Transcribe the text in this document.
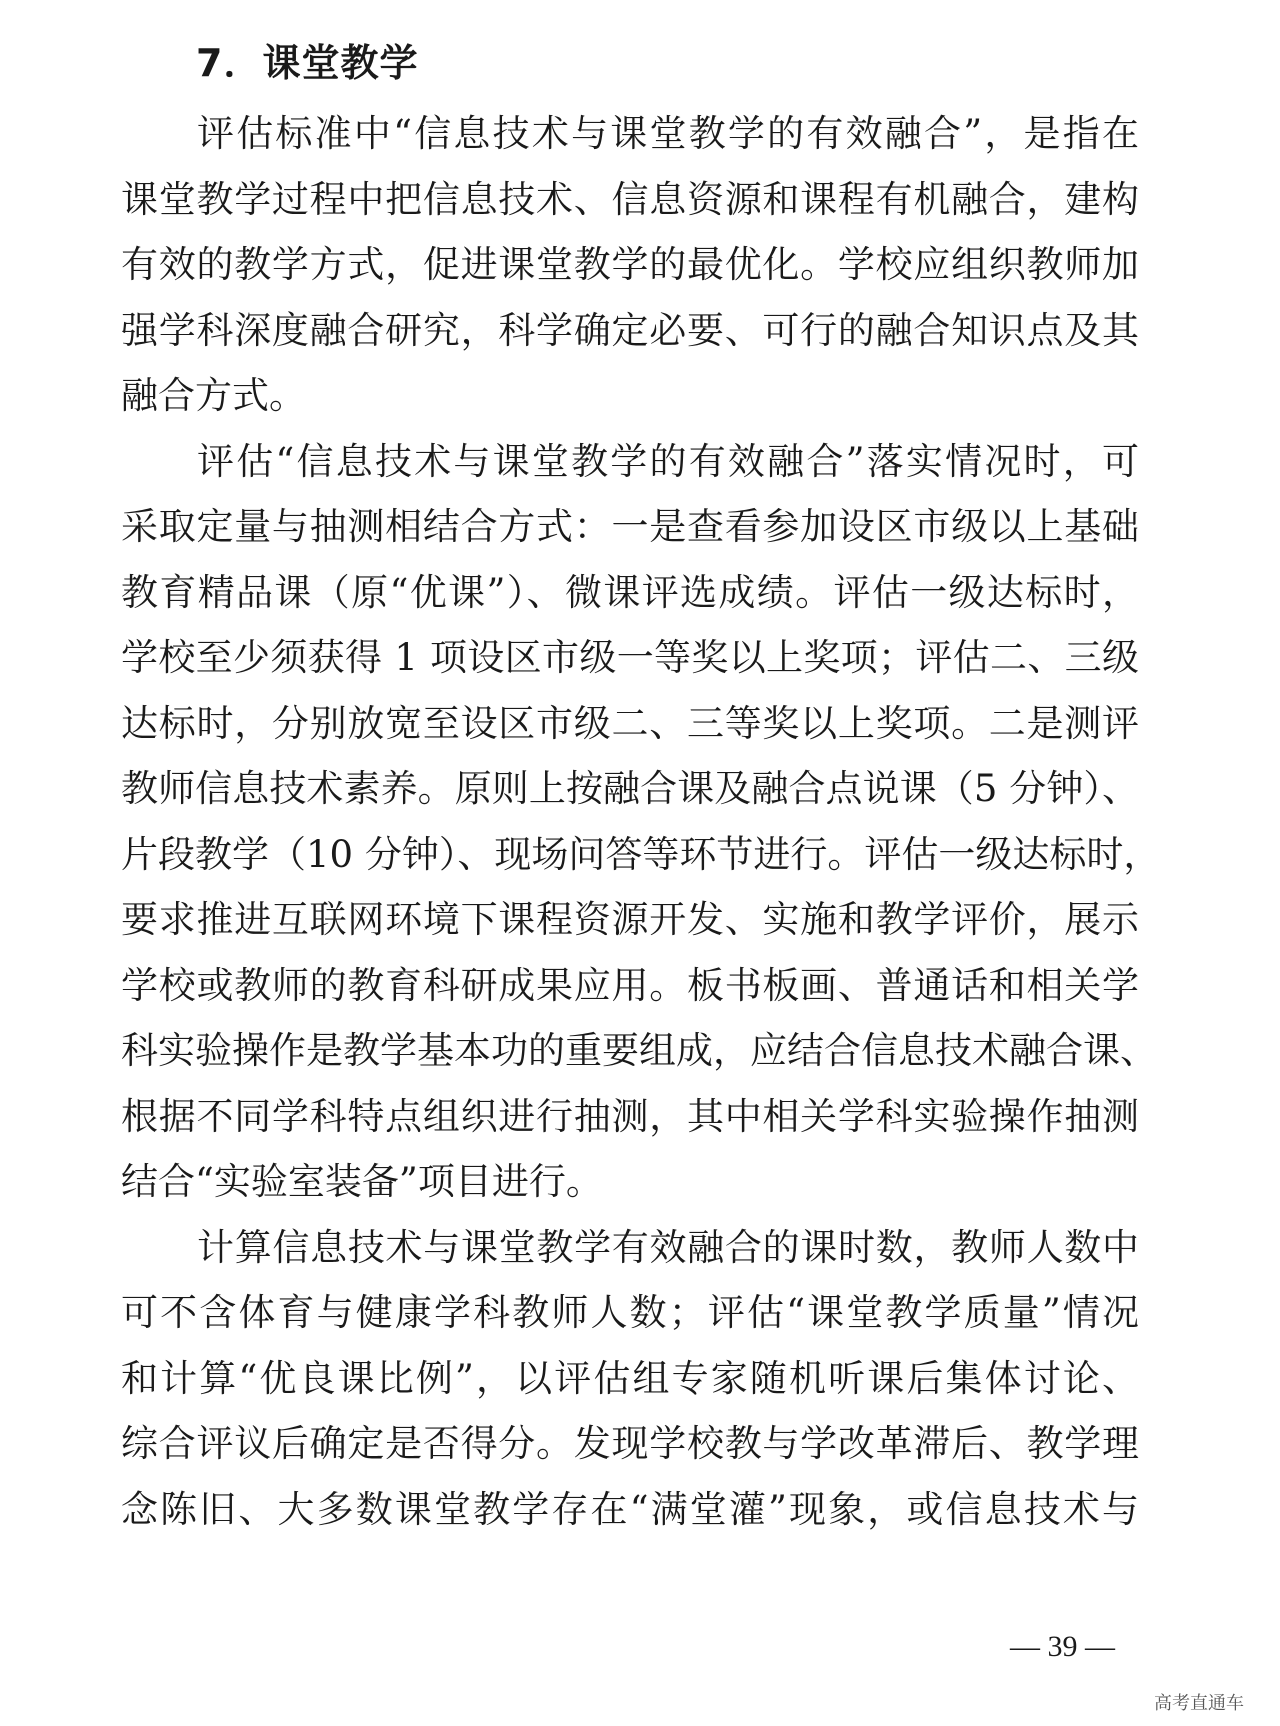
7．课堂教学
评估标准中“信息技术与课堂教学的有效融合”，是指在
课堂教学过程中把信息技术、信息资源和课程有机融合，建构
有效的教学方式，促进课堂教学的最优化。学校应组织教师加
强学科深度融合研究，科学确定必要、可行的融合知识点及其
融合方式。
评估“信息技术与课堂教学的有效融合”落实情况时，可
采取定量与抽测相结合方式：一是查看参加设区市级以上基础
教育精品课（原“优课”）、微课评选成绩。评估一级达标时，
学校至少须获得 1 项设区市级一等奖以上奖项；评估二、三级
达标时，分别放宽至设区市级二、三等奖以上奖项。二是测评
教师信息技术素养。原则上按融合课及融合点说课（5 分钟）、
片段教学（10 分钟）、现场问答等环节进行。评估一级达标时，
要求推进互联网环境下课程资源开发、实施和教学评价，展示
学校或教师的教育科研成果应用。板书板画、普通话和相关学
科实验操作是教学基本功的重要组成，应结合信息技术融合课、
根据不同学科特点组织进行抽测，其中相关学科实验操作抽测
结合“实验室装备”项目进行。
计算信息技术与课堂教学有效融合的课时数，教师人数中
可不含体育与健康学科教师人数；评估“课堂教学质量”情况
和计算“优良课比例”，以评估组专家随机听课后集体讨论、
综合评议后确定是否得分。发现学校教与学改革滞后、教学理
念陈旧、大多数课堂教学存在“满堂灌”现象，或信息技术与
— 39 —
高考直通车
